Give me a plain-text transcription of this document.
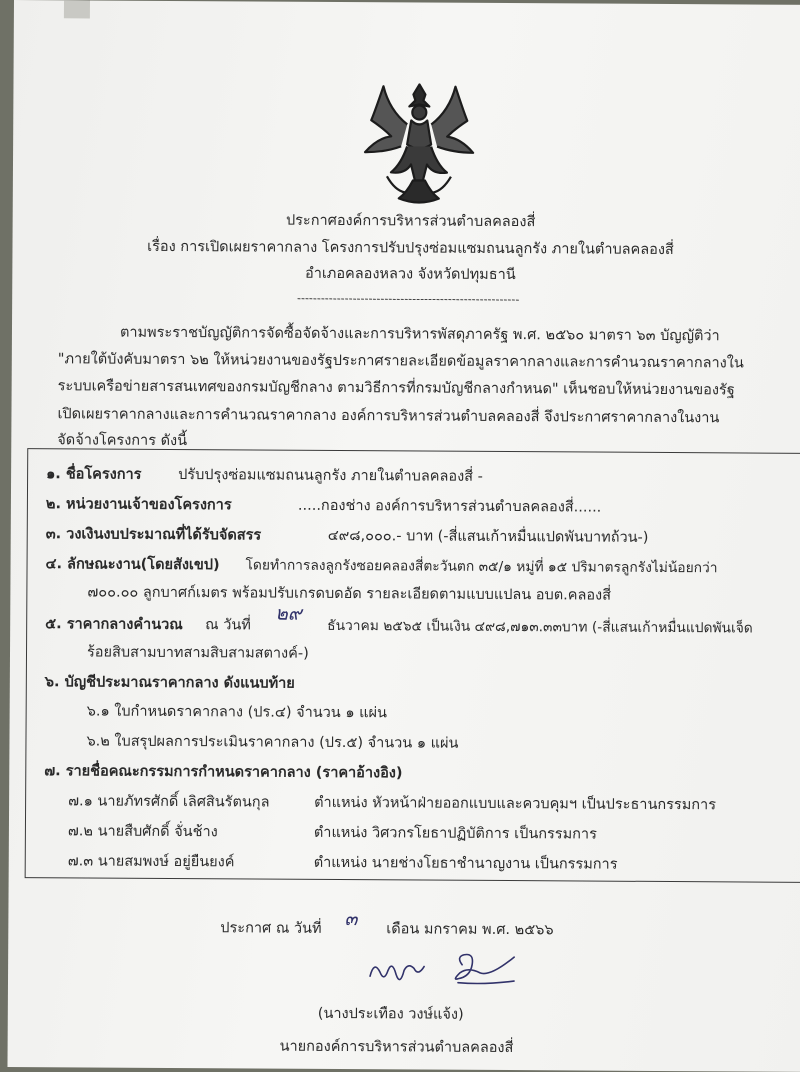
ประกาศองค์การบริหารส่วนตำบลคลองสี่
เรื่อง การเปิดเผยราคากลาง โครงการปรับปรุงซ่อมแซมถนนลูกรัง ภายในตำบลคลองสี่
อำเภอคลองหลวง จังหวัดปทุมธานี
--------------------------------------------------------
ตามพระราชบัญญัติการจัดซื้อจัดจ้างและการบริหารพัสดุภาครัฐ พ.ศ. ๒๕๖๐ มาตรา ๖๓ บัญญัติว่า
"ภายใต้บังคับมาตรา ๖๒ ให้หน่วยงานของรัฐประกาศรายละเอียดข้อมูลราคากลางและการคำนวณราคากลางใน
ระบบเครือข่ายสารสนเทศของกรมบัญชีกลาง ตามวิธีการที่กรมบัญชีกลางกำหนด" เห็นชอบให้หน่วยงานของรัฐ
เปิดเผยราคากลางและการคำนวณราคากลาง องค์การบริหารส่วนตำบลคลองสี่ จึงประกาศราคากลางในงาน
จัดจ้างโครงการ ดังนี้
๑. ชื่อโครงการ	ปรับปรุงซ่อมแซมถนนลูกรัง ภายในตำบลคลองสี่ -
๒. หน่วยงานเจ้าของโครงการ	.....กองช่าง องค์การบริหารส่วนตำบลคลองสี่......
๓. วงเงินงบประมาณที่ได้รับจัดสรร	๔๙๘,๐๐๐.- บาท (-สี่แสนเก้าหมื่นแปดพันบาทถ้วน-)
๔. ลักษณะงาน(โดยสังเขป) โดยทำการลงลูกรังซอยคลองสี่ตะวันตก ๓๕/๑ หมู่ที่ ๑๕ ปริมาตรลูกรังไม่น้อยกว่า
๗๐๐.๐๐ ลูกบาศก์เมตร พร้อมปรับเกรดบดอัด รายละเอียดตามแบบแปลน อบต.คลองสี่
๕. ราคากลางคำนวณ ณ วันที่
๒๙
ธันวาคม ๒๕๖๕ เป็นเงิน ๔๙๘,๗๑๓.๓๓บาท (-สี่แสนเก้าหมื่นแปดพันเจ็ด
ร้อยสิบสามบาทสามสิบสามสตางค์-)
๖. บัญชีประมาณราคากลาง ดังแนบท้าย
๖.๑ ใบกำหนดราคากลาง (ปร.๔) จำนวน ๑ แผ่น
๖.๒ ใบสรุปผลการประเมินราคากลาง (ปร.๕) จำนวน ๑ แผ่น
๗. รายชื่อคณะกรรมการกำหนดราคากลาง (ราคาอ้างอิง)
๗.๑ นายภัทรศักดิ์ เลิศสินรัตนกุล	ตำแหน่ง หัวหน้าฝ่ายออกแบบและควบคุมฯ เป็นประธานกรรมการ
๗.๒ นายสืบศักดิ์ จั่นช้าง	ตำแหน่ง วิศวกรโยธาปฏิบัติการ เป็นกรรมการ
๗.๓ นายสมพงษ์ อยู่ยืนยงค์	ตำแหน่ง นายช่างโยธาชำนาญงาน เป็นกรรมการ
ประกาศ ณ วันที่ ๓ เดือน มกราคม พ.ศ. ๒๕๖๖
(นางประเทือง วงษ์แจ้ง)
นายกองค์การบริหารส่วนตำบลคลองสี่
